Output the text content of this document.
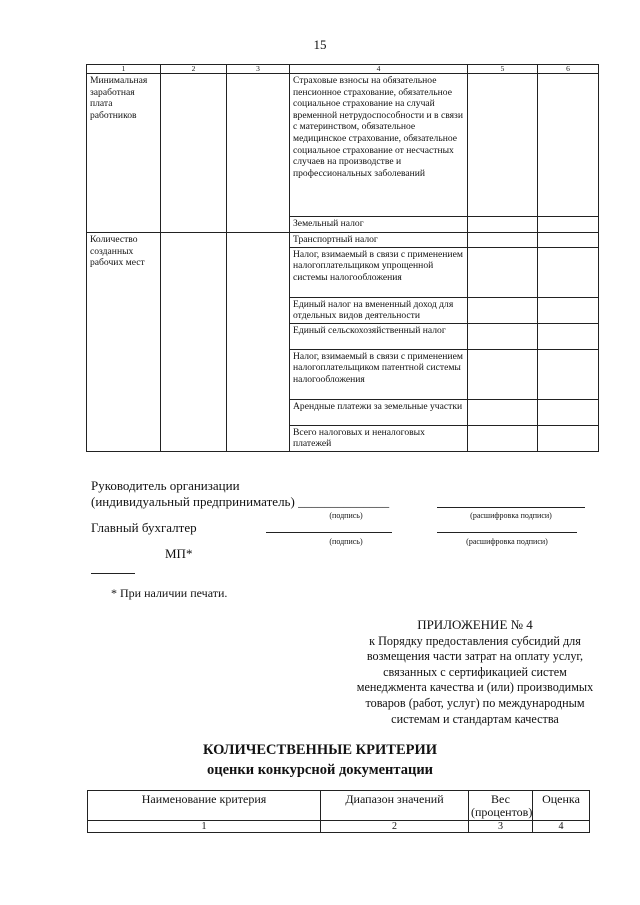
15
1	2	3	4	5	6
Минимальная заработная плата работников			Страховые взносы на обязательное пенсионное страхование, обязательное социальное страхование на случай временной нетрудоспособности и в связи с материнством, обязательное медицинское страхование, обязательное социальное страхование от несчастных случаев на производстве и профессиональных заболеваний		
			Земельный налог		
Количество созданных рабочих мест			Транспортный налог		
			Налог, взимаемый в связи с применением налогоплательщиком упрощенной системы налогообложения		
			Единый налог на вмененный доход для отдельных видов деятельности		
			Единый сельскохозяйственный налог		
			Налог, взимаемый в связи с применением налогоплательщиком патентной системы налогообложения		
			Арендные платежи за земельные участки		
			Всего налоговых и неналоговых платежей		
Руководитель организации
(индивидуальный предприниматель) ______________
(подпись)	(расшифровка подписи)
Главный бухгалтер
(подпись)	(расшифровка подписи)
МП*
* При наличии печати.
ПРИЛОЖЕНИЕ № 4
к Порядку предоставления субсидий для
возмещения части затрат на оплату услуг,
связанных с сертификацией систем
менеджмента качества и (или) производимых
товаров (работ, услуг) по международным
системам и стандартам качества
КОЛИЧЕСТВЕННЫЕ КРИТЕРИИ
оценки конкурсной документации
Наименование критерия	Диапазон значений	Вес (процентов)	Оценка
1	2	3	4
